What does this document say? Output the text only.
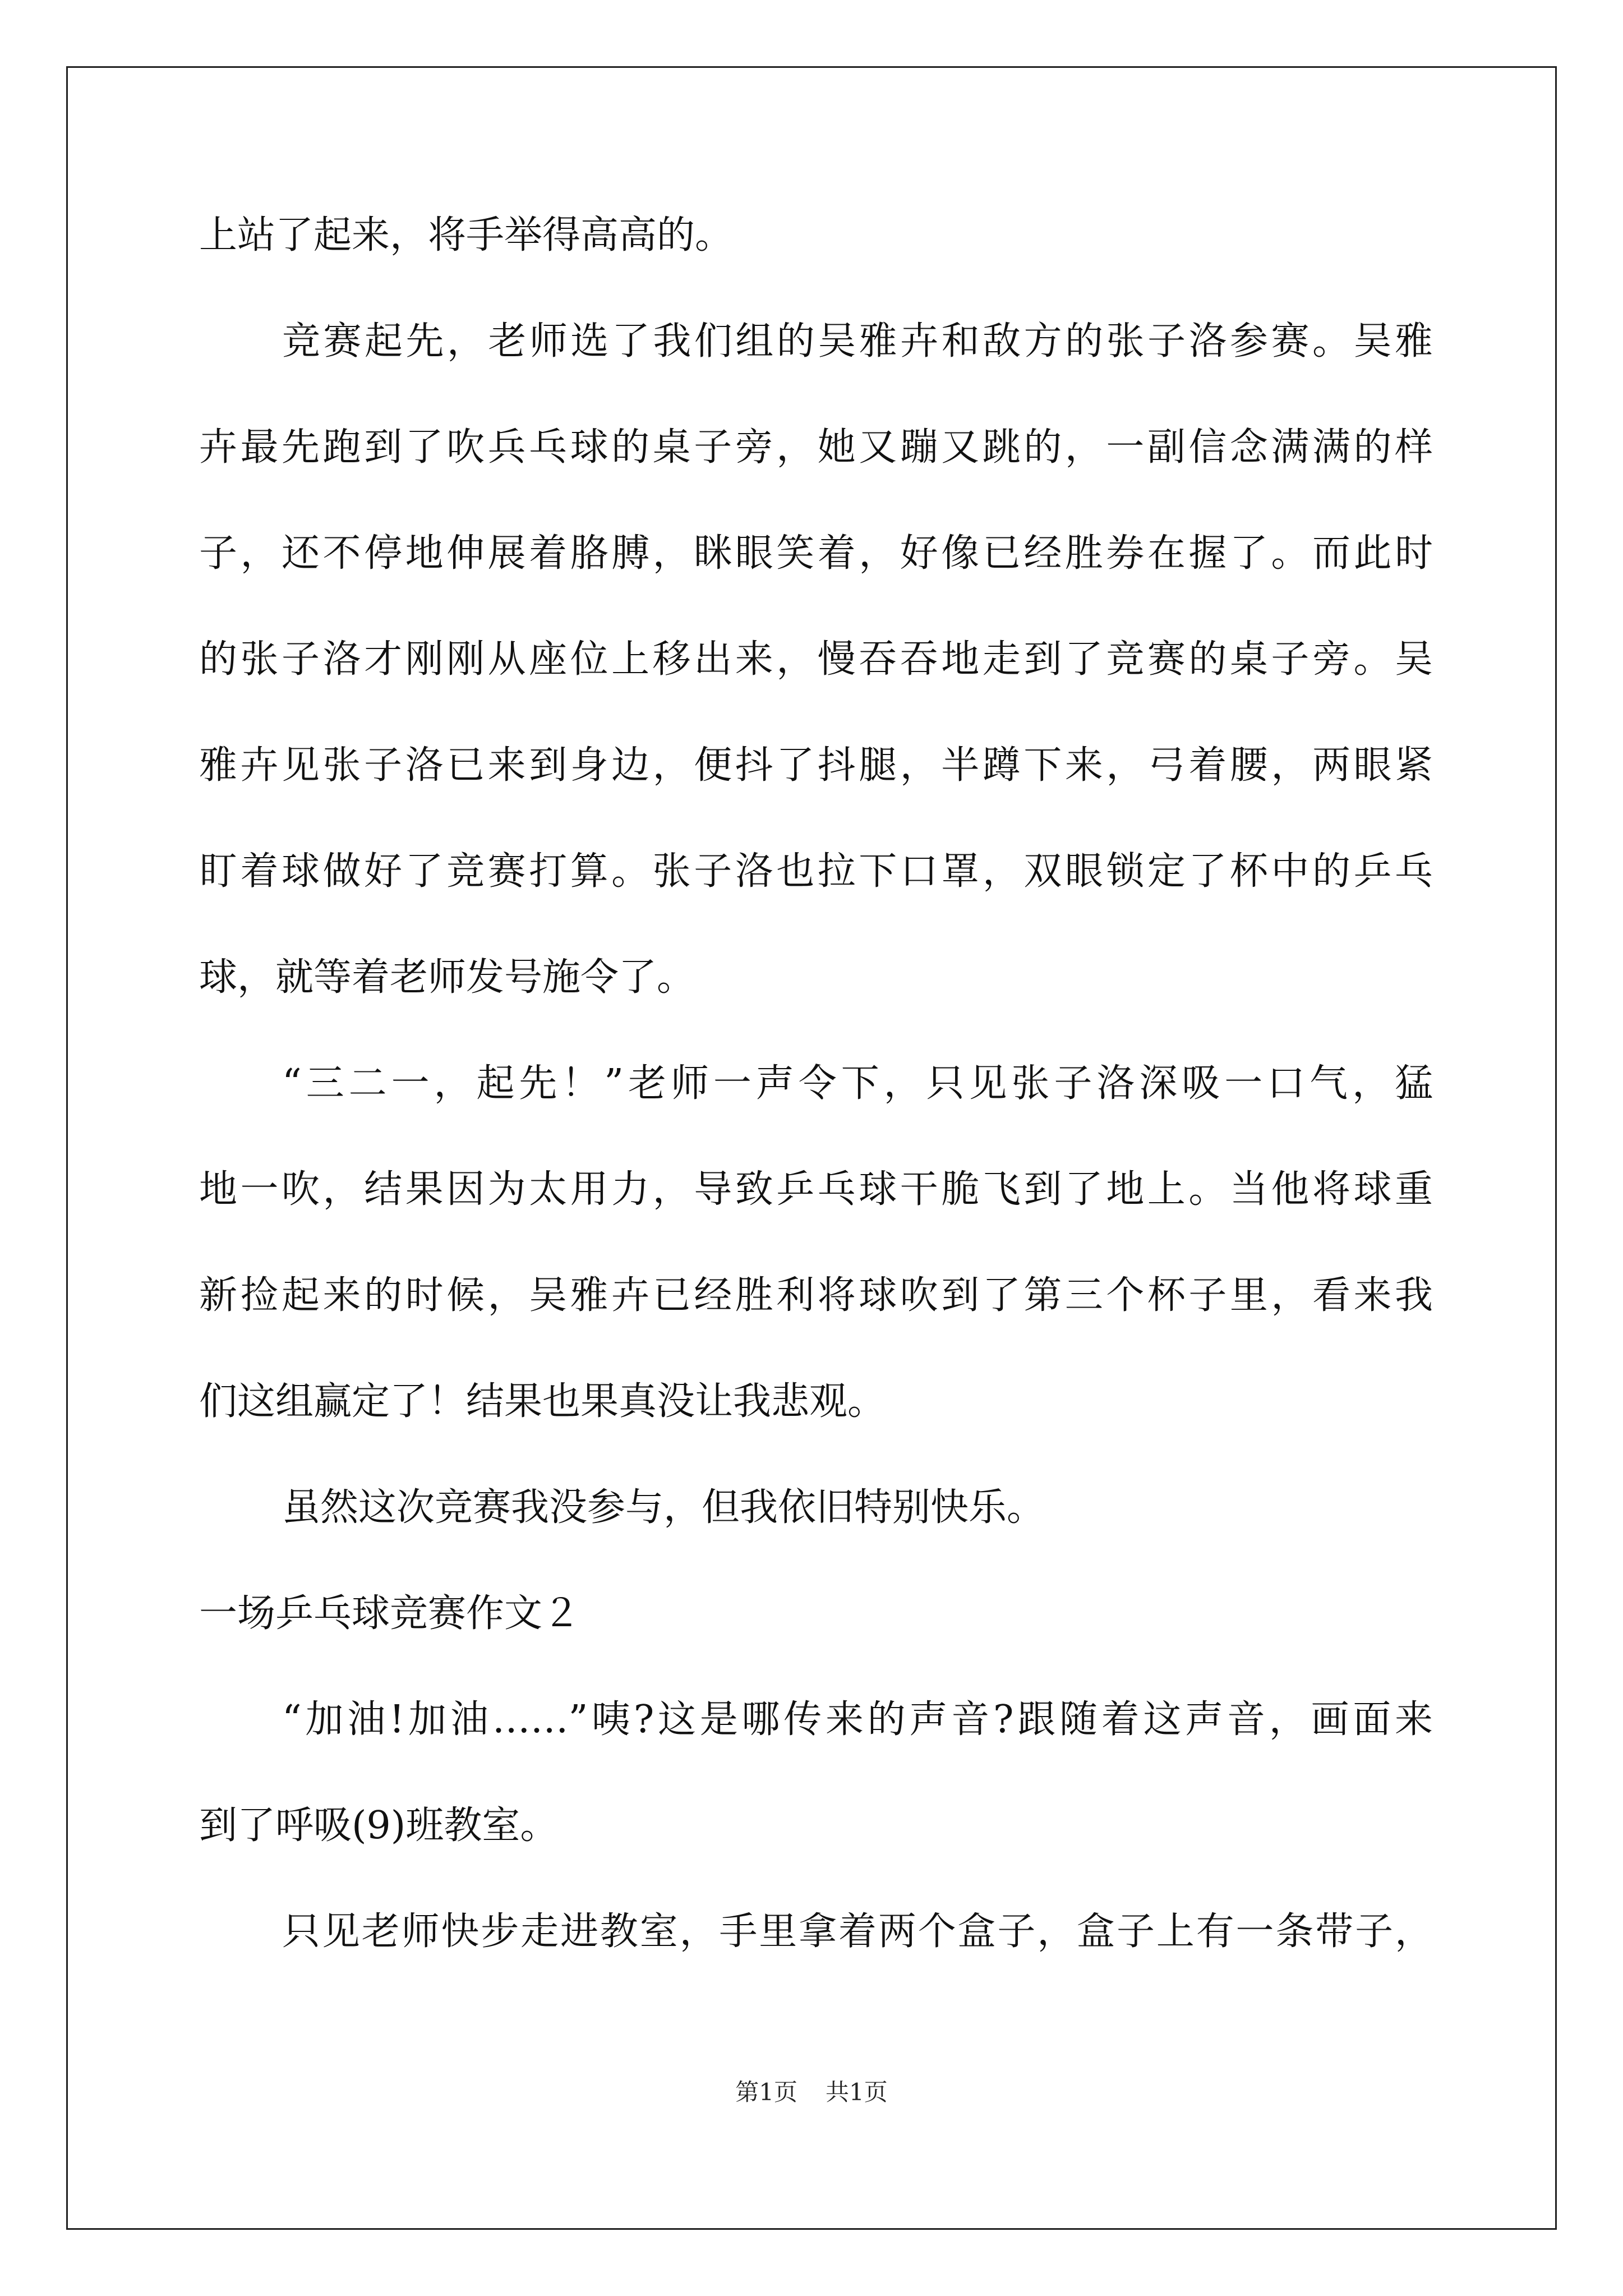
上站了起来，将手举得高高的。
竞赛起先，老师选了我们组的吴雅卉和敌方的张子洛参赛。吴雅
卉最先跑到了吹兵乓球的桌子旁，她又蹦又跳的，一副信念满满的样
子，还不停地伸展着胳膊，眯眼笑着，好像已经胜券在握了。而此时
的张子洛才刚刚从座位上移出来，慢吞吞地走到了竞赛的桌子旁。吴
雅卉见张子洛已来到身边，便抖了抖腿，半蹲下来，弓着腰，两眼紧
盯着球做好了竞赛打算。张子洛也拉下口罩，双眼锁定了杯中的乒乓
球，就等着老师发号施令了。
“三二一，起先！”老师一声令下，只见张子洛深吸一口气，猛
地一吹，结果因为太用力，导致乒乓球干脆飞到了地上。当他将球重
新捡起来的时候，吴雅卉已经胜利将球吹到了第三个杯子里，看来我
们这组赢定了！结果也果真没让我悲观。
虽然这次竞赛我没参与，但我依旧特别快乐。
一场乒乓球竞赛作文２
“加油!加油……”咦?这是哪传来的声音?跟随着这声音，画面来
到了呼吸(9)班教室。
只见老师快步走进教室，手里拿着两个盒子，盒子上有一条带子，
第1页 共1页
